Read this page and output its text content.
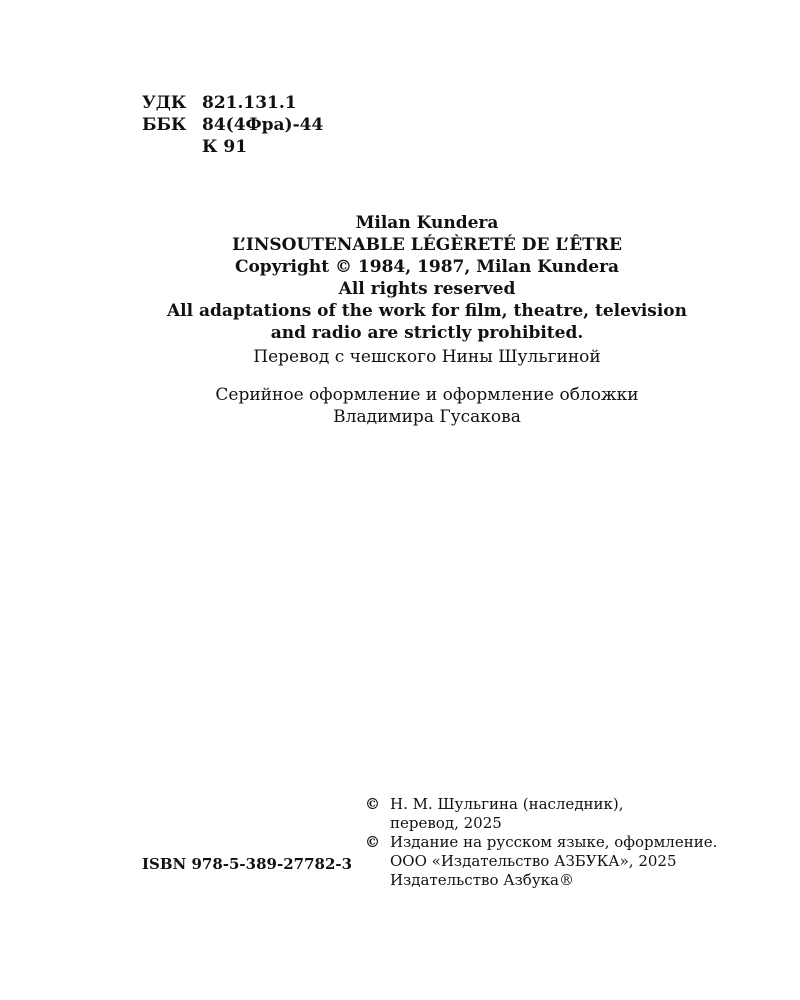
УДК 821.131.1
ББК 84(4Фра)-44
К 91
Milan Kundera
L’INSOUTENABLE LÉGÈRETÉ DE L’ÊTRE
Copyright © 1984, 1987, Milan Kundera
All rights reserved
All adaptations of the work for film, theatre, television
and radio are strictly prohibited.
Перевод с чешского Нины Шульгиной
Серийное оформление и оформление обложки
Владимира Гусакова
ISBN 978-5-389-27782-3
© Н. М. Шульгина (наследник),
перевод, 2025
© Издание на русском языке, оформление.
ООО «Издательство АЗБУКА», 2025
Издательство Азбука®
